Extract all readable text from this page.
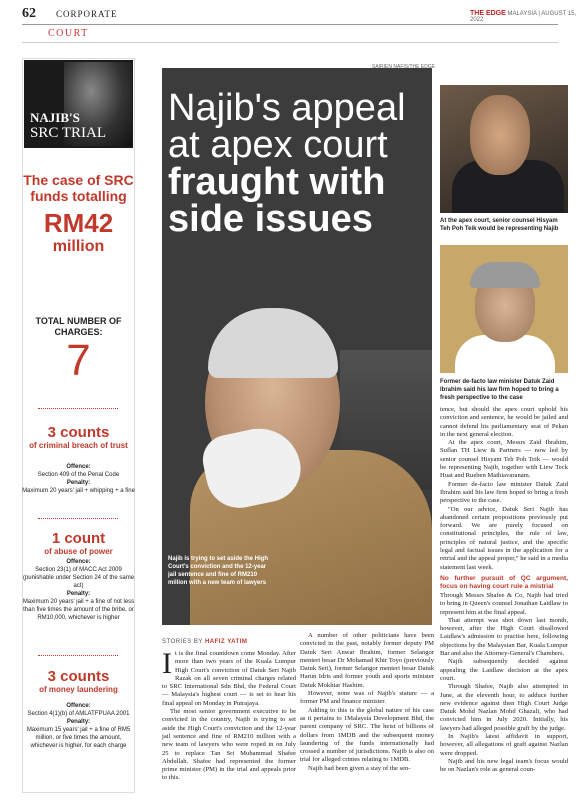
62 CORPORATE	THE EDGE MALAYSIA | AUGUST 15, 2022
COURT
NAJIB'S
SRC TRIAL
The case of SRC funds totalling
RM42
million
TOTAL NUMBER OF CHARGES:
7
3 counts
of criminal breach of trust
Offence:
Section 409 of the Penal Code
Penalty:
Maximum 20 years' jail + whipping + a fine
1 count
of abuse of power
Offence:
Section 23(1) of MACC Act 2009 (punishable under Section 24 of the same act)
Penalty:
Maximum 20 years' jail + a fine of not less than five times the amount of the bribe, or RM10,000, whichever is higher
3 counts
of money laundering
Offence:
Section 4(1)(b) of AMLATFPUAA 2001
Penalty:
Maximum 15 years' jail + a fine of RM5 million, or five times the amount, whichever is higher, for each charge
SAIRIEN NAFIS/THE EDGE
Najib's appeal at apex court fraught with side issues
Najib is trying to set aside the High Court's conviction and the 12-year jail sentence and fine of RM210 million with a new team of lawyers
At the apex court, senior counsel Hisyam Teh Poh Teik would be representing Najib
Former de-facto law minister Datuk Zaid Ibrahim said his law firm hoped to bring a fresh perspective to the case
STORIES BY HAFIZ YATIM

It is the final countdown come Monday. After more than two years of the Kuala Lumpur High Court's conviction of Datuk Seri Najib Razak on all seven criminal charges related to SRC International Sdn Bhd, the Federal Court — Malaysia's highest court — is set to hear his final appeal on Monday in Putrajaya.

The most senior government executive to be convicted in the country, Najib is trying to set aside the High Court's conviction and the 12-year jail sentence and fine of RM210 million with a new team of lawyers who were roped in on July 25 to replace Tan Sri Muhammad Shafee Abdullah. Shafee had represented the former prime minister (PM) in the trial and appeals prior to this.

A number of other politicians have been convicted in the past, notably former deputy PM Datuk Seri Anwar Ibrahim, former Selangor menteri besar Dr Mohamad Khir Toyo (previously Datuk Seri), former Selangor menteri besar Datuk Harun Idris and former youth and sports minister Datuk Mokhtar Hashim.

However, none was of Najib's stature — a former PM and finance minister.

Adding to this is the global nature of his case as it pertains to 1Malaysia Development Bhd, the parent company of SRC. The heist of billions of dollars from 1MDB and the subsequent money laundering of the funds internationally had crossed a number of jurisdictions. Najib is also on trial for alleged crimes relating to 1MDB.

Najib had been given a stay of the sen-

tence, but should the apex court uphold his conviction and sentence, he would be jailed and cannot defend his parliamentary seat of Pekan in the next general election.

At the apex court, Messrs Zaid Ibrahim, Suflan TH Liew & Partners — now led by senior counsel Hisyam Teh Poh Teik — would be representing Najib, together with Liew Teck Huat and Rueben Mathiavaranam.

Former de-facto law minister Datuk Zaid Ibrahim said his law firm hoped to bring a fresh perspective to the case.

"On our advice, Datuk Seri Najib has abandoned certain propositions previously put forward. We are purely focused on constitutional principles, the rule of law, principles of natural justice, and the specific legal and factual issues in the application for a retrial and the appeal proper," he said in a media statement last week.

No further pursuit of QC argument, focus on having court rule a mistrial

Through Messrs Shafee & Co, Najib had tried to bring in Queen's counsel Jonathan Laidlaw to represent him at the final appeal.

That attempt was shot down last month, however, after the High Court disallowed Laidlaw's admission to practise here, following objections by the Malaysian Bar, Kuala Lumpur Bar and also the Attorney-General's Chambers.

Najib subsequently decided against appealing the Laidlaw decision at the apex court.

Through Shafee, Najib also attempted in June, at the eleventh hour, to adduce further new evidence against then High Court Judge Datuk Mohd Nazlan Mohd Ghazali, who had convicted him in July 2020. Initially, his lawyers had alleged possible graft by the judge.

In Najib's latest affidavit in support, however, all allegations of graft against Nazlan were dropped.

Najib and his new legal team's focus would be on Nazlan's role as general coun-
